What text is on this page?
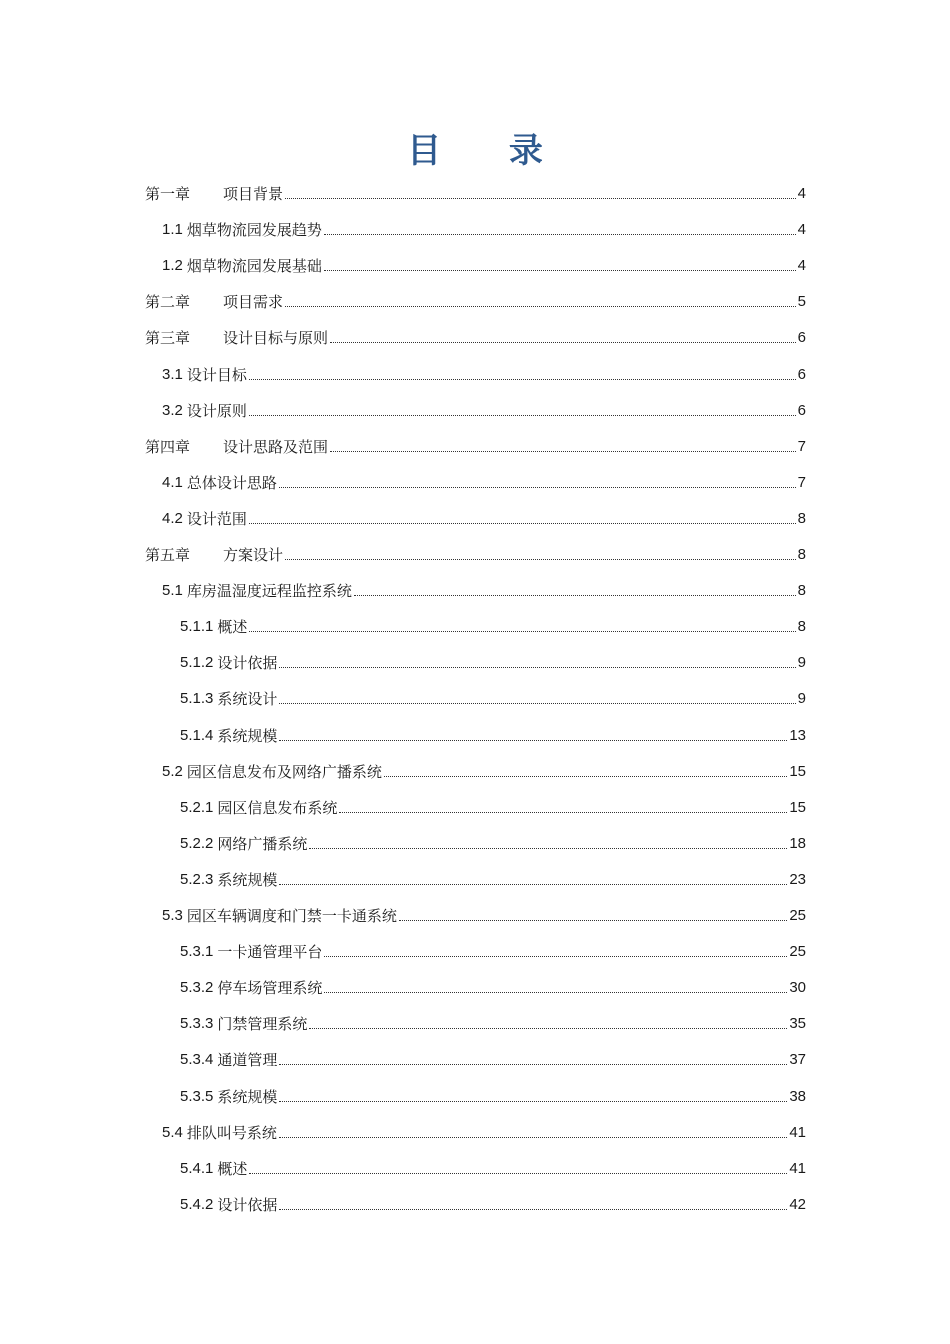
目 录
第一章 项目背景	4
1.1 烟草物流园发展趋势	4
1.2 烟草物流园发展基础	4
第二章 项目需求	5
第三章 设计目标与原则	6
3.1 设计目标	6
3.2 设计原则	6
第四章 设计思路及范围	7
4.1 总体设计思路	7
4.2 设计范围	8
第五章 方案设计	8
5.1 库房温湿度远程监控系统	8
5.1.1 概述	8
5.1.2 设计依据	9
5.1.3 系统设计	9
5.1.4 系统规模	13
5.2 园区信息发布及网络广播系统	15
5.2.1 园区信息发布系统	15
5.2.2 网络广播系统	18
5.2.3 系统规模	23
5.3 园区车辆调度和门禁一卡通系统	25
5.3.1 一卡通管理平台	25
5.3.2 停车场管理系统	30
5.3.3 门禁管理系统	35
5.3.4 通道管理	37
5.3.5 系统规模	38
5.4 排队叫号系统	41
5.4.1 概述	41
5.4.2 设计依据	42
